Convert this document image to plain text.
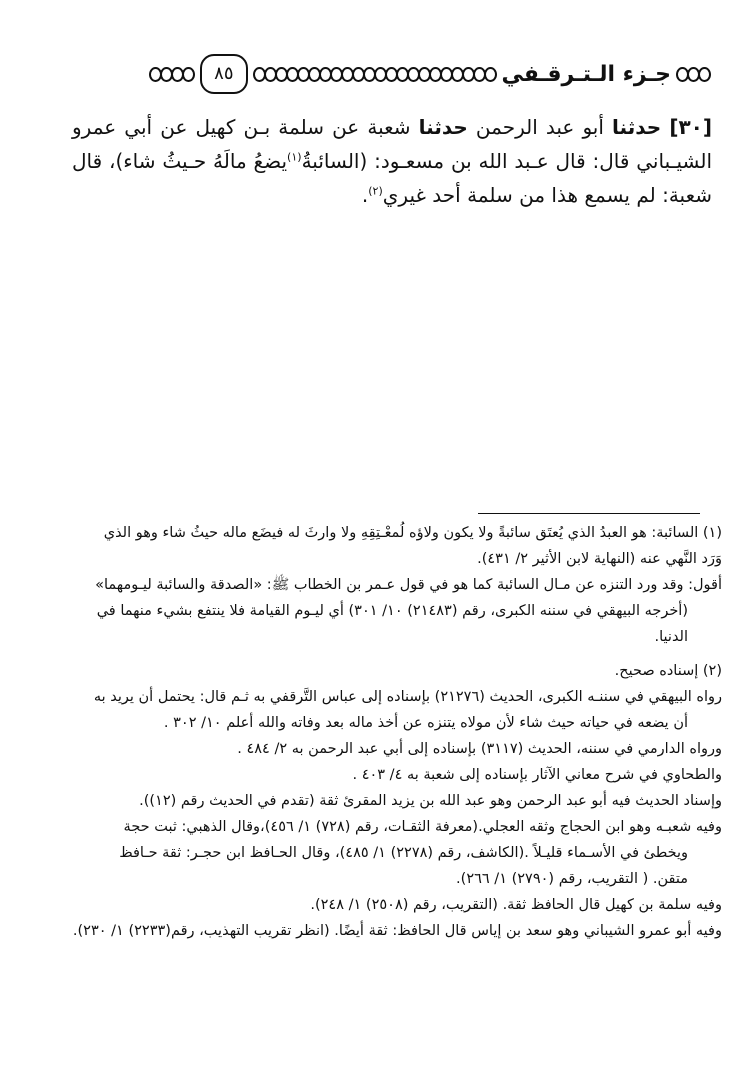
جـزء الـتـرقـفي
٨٥
[٣٠] حدثنا أبو عبد الرحمن حدثنا شعبة عن سلمة بـن كهيل عن أبي عمرو الشيـباني قال: قال عـبد الله بن مسعـود: (السائبةُ$^{(١)}$يضعُ مالَهُ حـيثُ شاء)، قال شعبة: لم يسمع هذا من سلمة أحد غيري$^{(٢)}$.
(١) السائبة: هو العبدُ الذي يُعتَق سائبةً ولا يكون ولاؤه لُمعْـتِقِهِ ولا وارثَ له فيضَع ماله حيثُ شاء وهو الذي
وَرَد النَّهي عنه (النهاية لابن الأثير ٢/ ٤٣١).
أقول: وقد ورد التنزه عن مـال السائبة كما هو في قول عـمر بن الخطاب ﷺ: «الصدقة والسائبة ليـومهما»
(أخرجه البيهقي في سننه الكبرى، رقم (٢١٤٨٣) ١٠/ ٣٠١) أي ليـوم القيامة فلا ينتفع بشيء منهما في
الدنيا.
(٢) إسناده صحيح.
رواه البيهقي في سننـه الكبرى، الحديث (٢١٢٧٦) بإسناده إلى عباس التَّرقفي به ثـم قال: يحتمل أن يريد به
أن يضعه في حياته حيث شاء لأن مولاه يتنزه عن أخذ ماله بعد وفاته والله أعلم ١٠/ ٣٠٢ .
ورواه الدارمي في سننه، الحديث (٣١١٧) بإسناده إلى أبي عبد الرحمن به ٢/ ٤٨٤ .
والطحاوي في شرح معاني الآثار بإسناده إلى شعبة به ٤/ ٤٠٣ .
وإسناد الحديث فيه أبو عبد الرحمن وهو عبد الله بن يزيد المقرئ ثقة (تقدم في الحديث رقم (١٢)).
وفيه شعبـه وهو ابن الحجاج وثقه العجلي.(معرفة الثقـات، رقم (٧٢٨) ١/ ٤٥٦)،وقال الذهبي: ثبت حجة
ويخطئ في الأسـماء قليـلاً .(الكاشف، رقم (٢٢٧٨) ١/ ٤٨٥)، وقال الحـافظ ابن حجـر: ثقة حـافظ
متقن. ( التقريب، رقم (٢٧٩٠) ١/ ٢٦٦).
وفيه سلمة بن كهيل قال الحافظ ثقة. (التقريب، رقم (٢٥٠٨) ١/ ٢٤٨).
وفيه أبو عمرو الشيباني وهو سعد بن إياس قال الحافظ: ثقة أيضًا. (انظر تقريب التهذيب، رقم(٢٢٣٣) ١/ ٢٣٠).
